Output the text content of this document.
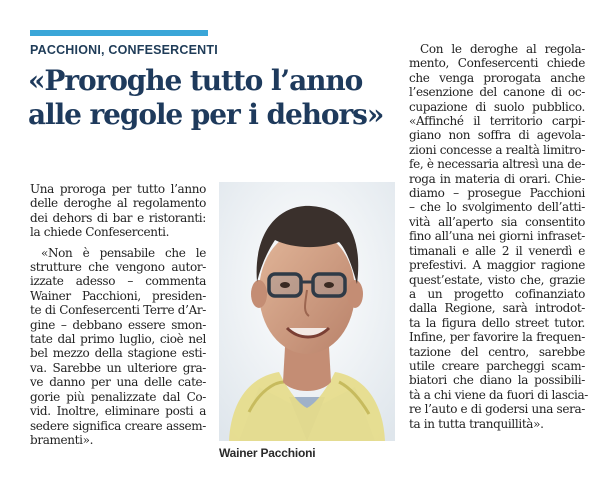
PACCHIONI, CONFESERCENTI
«Proroghe tutto l’anno
alle regole per i dehors»
Una proroga per tutto l’anno
delle deroghe al regolamento
dei dehors di bar e ristoranti:
la chiede Confesercenti.
«Non è pensabile che le
strutture che vengono autor-
izzate adesso – commenta
Wainer Pacchioni, presiden-
te di Confesercenti Terre d’Ar-
gine – debbano essere smon-
tate dal primo luglio, cioè nel
bel mezzo della stagione esti-
va. Sarebbe un ulteriore gra-
ve danno per una delle cate-
gorie più penalizzate dal Co-
vid. Inoltre, eliminare posti a
sedere significa creare assem-
bramenti».
Wainer Pacchioni
Con le deroghe al regola-
mento, Confesercenti chiede
che venga prorogata anche
l’esenzione del canone di oc-
cupazione di suolo pubblico.
«Affinché il territorio carpi-
giano non soffra di agevola-
zioni concesse a realtà limitro-
fe, è necessaria altresì una de-
roga in materia di orari. Chie-
diamo – prosegue Pacchioni
– che lo svolgimento dell’atti-
vità all’aperto sia consentito
fino all’una nei giorni infraset-
timanali e alle 2 il venerdì e
prefestivi. A maggior ragione
quest’estate, visto che, grazie
a un progetto cofinanziato
dalla Regione, sarà introdot-
ta la figura dello street tutor.
Infine, per favorire la frequen-
tazione del centro, sarebbe
utile creare parcheggi scam-
biatori che diano la possibili-
tà a chi viene da fuori di lascia-
re l’auto e di godersi una sera-
ta in tutta tranquillità».
